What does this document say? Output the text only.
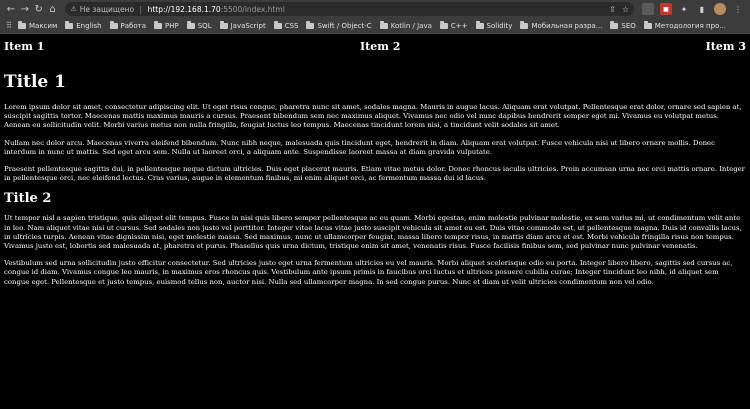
← → ↻ ⌂	⚠ Не защищено | http://192.168.1.70 :5500/index.html	⇪ ☆	■	✦	▮	⋮
⠿ Максим	English	Работа	PHP	SQL	JavaScript	CSS	Swift / Object-C	Kotlin / Java	C++	Solidity	Мобильная разра...	SEO	Методология про...
Item 1	Item 2	Item 3
Title 1

Lorem ipsum dolor sit amet, consectetur adipiscing elit. Ut eget risus congue, pharetra nunc sit amet, sodales magna. Mauris in augue lacus. Aliquam erat volutpat. Pellentesque erat dolor, ornare sed sapien at, suscipit sagittis tortor. Maecenas mattis maximus mauris a cursus. Praesent bibendum sem nec maximus aliquet. Vivamus nec odio vel nunc dapibus hendrerit semper eget mi. Vivamus eu volutpat metus. Aenean eu sollicitudin velit. Morbi varius metus non nulla fringilla, feugiat luctus leo tempus. Maecenas tincidunt lorem nisi, a tincidunt velit sodales sit amet.

Nullam nec dolor arcu. Maecenas viverra eleifend bibendum. Nunc nibh neque, malesuada quis tincidunt eget, hendrerit in diam. Aliquam erat volutpat. Fusce vehicula nisi ut libero ornare mollis. Donec interdum in nunc ut mattis. Sed eget arcu sem. Nulla ut laoreet orci, a aliquam ante. Suspendisse laoreet massa at diam gravida vulputate.

Praesent pellentesque sagittis dui, in pellentesque neque dictum ultricies. Duis eget placerat mauris. Etiam vitae metus dolor. Donec rhoncus iaculis ultricies. Proin accumsan urna nec orci mattis ornare. Integer in pellentesque orci, nec eleifend lectus. Cras varius, augue in elementum finibus, mi enim aliquet orci, ac fermentum massa dui id lacus.

Title 2

Ut tempor nisl a sapien tristique, quis aliquet elit tempus. Fusce in nisi quis libero semper pellentesque ac eu quam. Morbi egestas, enim molestie pulvinar molestie, ex sem varius mi, ut condimentum velit ante in leo. Nam aliquet vitae nisi ut cursus. Sed sodales non justo vel porttitor. Integer vitae lacus vitae justo suscipit vehicula sit amet eu est. Duis vitae commodo est, ut pellentesque magna. Duis id convallis lacus, in ultricies turpis. Aenean vitae dignissim nisi, eget molestie massa. Sed maximus, nunc ut ullamcorper feugiat, massa libero tempor risus, in mattis diam arcu et est. Morbi vehicula fringilla risus non tempus. Vivamus justo est, lobortis sed malesuada at, pharetra et purus. Phasellus quis urna dictum, tristique enim sit amet, venenatis risus. Fusce facilisis finibus sem, sed pulvinar nunc pulvinar venenatis.

Vestibulum sed urna sollicitudin justo efficitur consectetur. Sed ultricies justo eget urna fermentum ultricies eu vel mauris. Morbi aliquet scelerisque odio eu porta. Integer libero libero, sagittis sed cursus ac, congue id diam. Vivamus congue leo mauris, in maximus eros rhoncus quis. Vestibulum ante ipsum primis in faucibus orci luctus et ultrices posuere cubilia curae; Integer tincidunt leo nibh, id aliquet sem congue eget. Pellentesque et justo tempus, euismod tellus non, auctor nisi. Nulla sed ullamcorper magna. In sed congue purus. Nunc et diam ut velit ultricies condimentum non vel odio.
